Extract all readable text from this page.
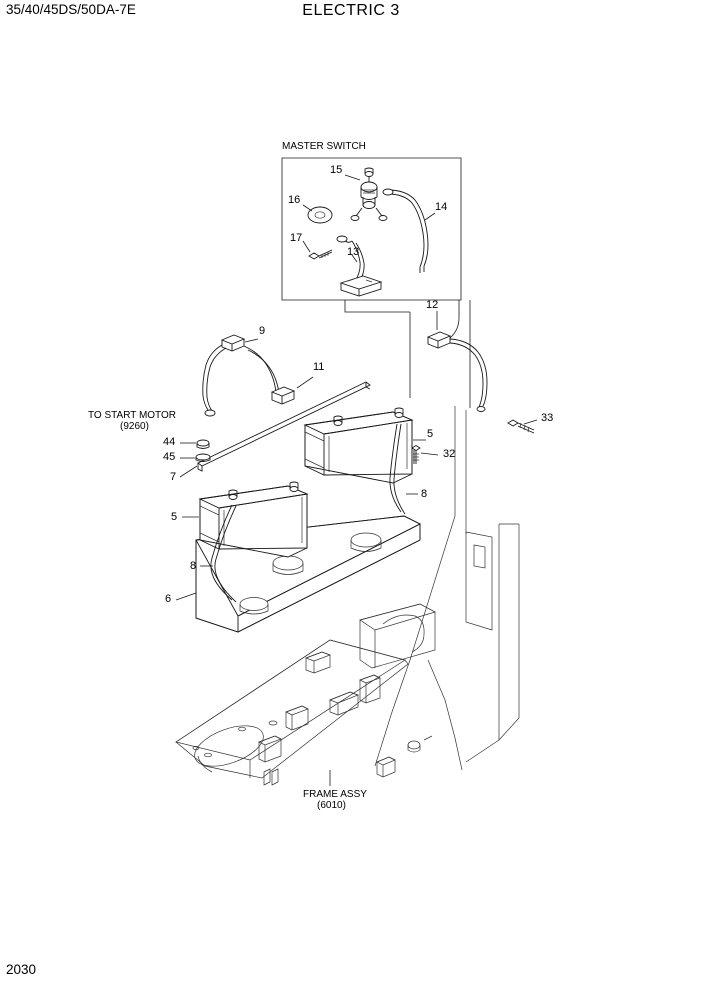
35/40/45DS/50DA-7E	ELECTRIC 3
2030
MASTER SWITCH
TO START MOTOR
(9260)
FRAME ASSY
(6010)
15
16
17
13
14
12
9
11
33
44
45
7
5
32
8
5
8
6
